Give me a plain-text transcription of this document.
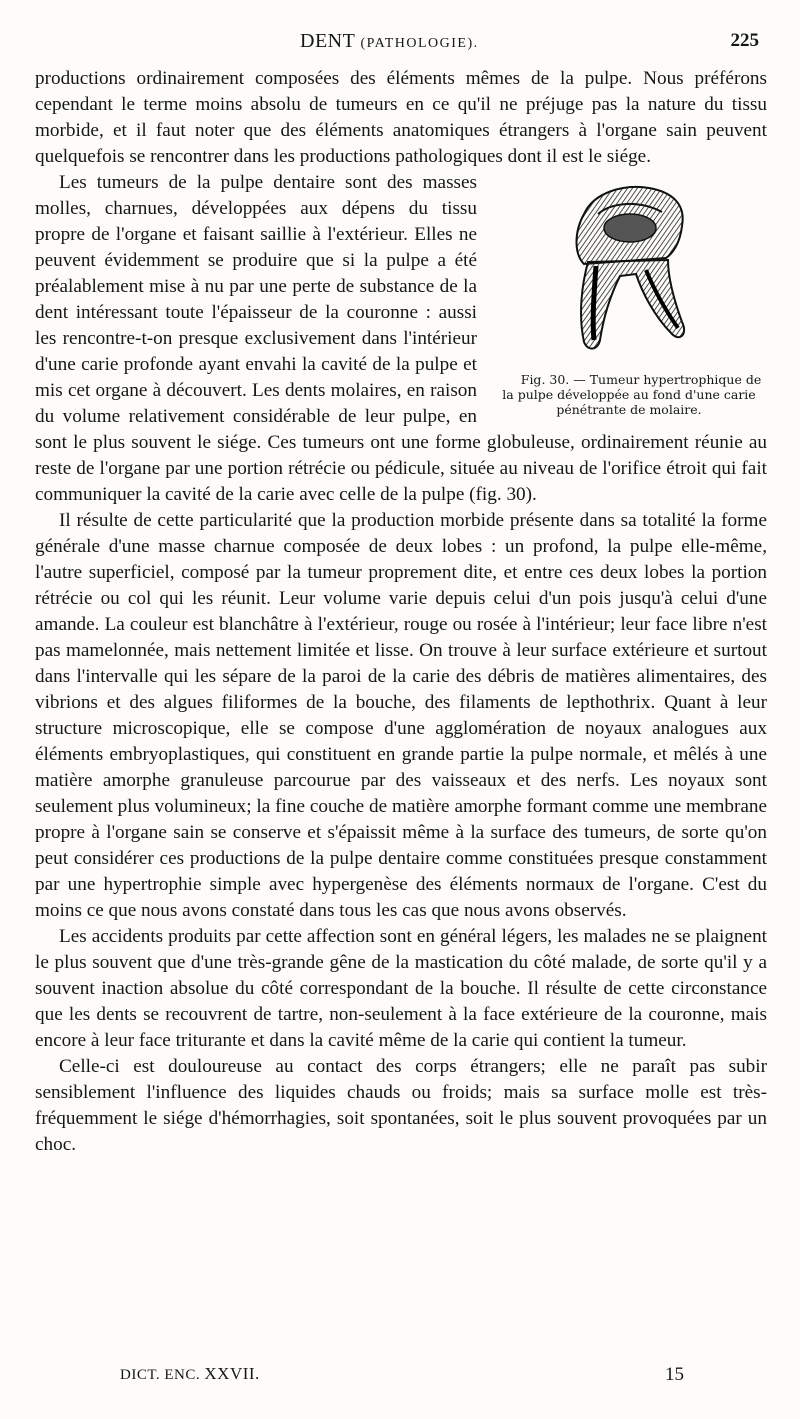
DENT (PATHOLOGIE).	225

productions ordinairement composées des éléments mêmes de la pulpe. Nous préférons cependant le terme moins absolu de tumeurs en ce qu'il ne préjuge pas la nature du tissu morbide, et il faut noter que des éléments anatomiques étrangers à l'organe sain peuvent quelquefois se rencontrer dans les productions pathologiques dont il est le siége.

Fig. 30. — Tumeur hypertrophique de la pulpe développée au fond d'une carie pénétrante de molaire.
Les tumeurs de la pulpe dentaire sont des masses molles, charnues, développées aux dépens du tissu propre de l'organe et faisant saillie à l'extérieur. Elles ne peuvent évidemment se produire que si la pulpe a été préalablement mise à nu par une perte de substance de la dent intéressant toute l'épaisseur de la couronne : aussi les rencontre-t-on presque exclusivement dans l'intérieur d'une carie profonde ayant envahi la cavité de la pulpe et mis cet organe à découvert. Les dents molaires, en raison du volume relativement considérable de leur pulpe, en sont le plus souvent le siége. Ces tumeurs ont une forme globuleuse, ordinairement réunie au reste de l'organe par une portion rétrécie ou pédicule, située au niveau de l'orifice étroit qui fait communiquer la cavité de la carie avec celle de la pulpe (fig. 30).

Il résulte de cette particularité que la production morbide présente dans sa totalité la forme générale d'une masse charnue composée de deux lobes : un profond, la pulpe elle-même, l'autre superficiel, composé par la tumeur proprement dite, et entre ces deux lobes la portion rétrécie ou col qui les réunit. Leur volume varie depuis celui d'un pois jusqu'à celui d'une amande. La couleur est blanchâtre à l'extérieur, rouge ou rosée à l'intérieur; leur face libre n'est pas mamelonnée, mais nettement limitée et lisse. On trouve à leur surface extérieure et surtout dans l'intervalle qui les sépare de la paroi de la carie des débris de matières alimentaires, des vibrions et des algues filiformes de la bouche, des filaments de lepthothrix. Quant à leur structure microscopique, elle se compose d'une agglomération de noyaux analogues aux éléments embryoplastiques, qui constituent en grande partie la pulpe normale, et mêlés à une matière amorphe granuleuse parcourue par des vaisseaux et des nerfs. Les noyaux sont seulement plus volumineux; la fine couche de matière amorphe formant comme une membrane propre à l'organe sain se conserve et s'épaissit même à la surface des tumeurs, de sorte qu'on peut considérer ces productions de la pulpe dentaire comme constituées presque constamment par une hypertrophie simple avec hypergenèse des éléments normaux de l'organe. C'est du moins ce que nous avons constaté dans tous les cas que nous avons observés.

Les accidents produits par cette affection sont en général légers, les malades ne se plaignent le plus souvent que d'une très-grande gêne de la mastication du côté malade, de sorte qu'il y a souvent inaction absolue du côté correspondant de la bouche. Il résulte de cette circonstance que les dents se recouvrent de tartre, non-seulement à la face extérieure de la couronne, mais encore à leur face triturante et dans la cavité même de la carie qui contient la tumeur.

Celle-ci est douloureuse au contact des corps étrangers; elle ne paraît pas subir sensiblement l'influence des liquides chauds ou froids; mais sa surface molle est très-fréquemment le siége d'hémorrhagies, soit spontanées, soit le plus souvent provoquées par un choc.

DICT. ENC. XXVII.	15
